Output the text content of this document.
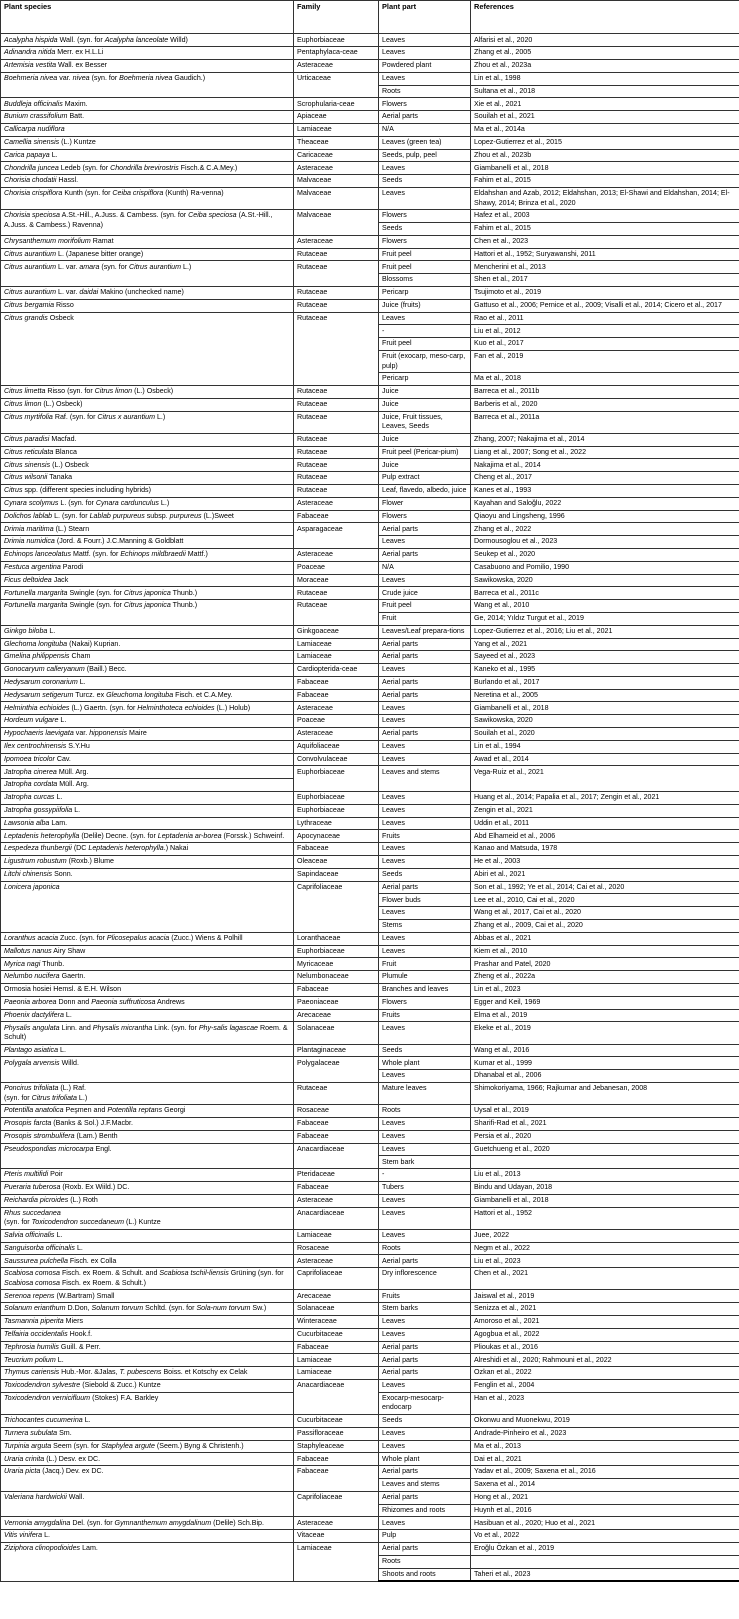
Plant species	Family	Plant part	References
Acalypha hispida Wall. (syn. for Acalypha lanceolate Willd)	Euphorbiaceae	Leaves	Alfarisi et al., 2020
Adinandra nitida Merr. ex H.L.Li	Pentaphylaca-ceae	Leaves	Zhang et al., 2005
Artemisia vestita Wall. ex Besser	Asteraceae	Powdered plant	Zhou et al., 2023a
Boehmeria nivea var. nivea (syn. for Boehmeria nivea Gaudich.)	Urticaceae	Leaves	Lin et al., 1998
		Roots	Sultana et al., 2018
Buddleja officinalis Maxim.	Scrophularia-ceae	Flowers	Xie et al., 2021
Bunium crassifolium Batt.	Apiaceae	Aerial parts	Souilah et al., 2021
Callicarpa nudiflora	Lamiaceae	N/A	Ma et al., 2014a
Camellia sinensis (L.) Kuntze	Theaceae	Leaves (green tea)	Lopez-Gutierrez et al., 2015
Carica papaya L.	Caricaceae	Seeds, pulp, peel	Zhou et al., 2023b
Chondrilla juncea Ledeb (syn. for Chondrilla brevirostris Fisch.& C.A.Mey.)	Asteraceae	Leaves	Giambanelli et al., 2018
Chorisia chodatii Hassl.	Malvaceae	Seeds	Fahim et al., 2015
Chorisia crispiflora Kunth (syn. for Ceiba crispiflora (Kunth) Ra-venna)	Malvaceae	Leaves	Eldahshan and Azab, 2012; Eldahshan, 2013; El-Shawi and Eldahshan, 2014; El-Shawy, 2014; Brinza et al., 2020
Chorisia speciosa A.St.-Hill., A.Juss. & Cambess. (syn. for Ceiba speciosa (A.St.-Hill., A.Juss. & Cambess.) Ravenna)	Malvaceae	Flowers	Hafez et al., 2003
		Seeds	Fahim et al., 2015
Chrysanthemum morifolium Ramat	Asteraceae	Flowers	Chen et al., 2023
Citrus aurantium L. (Japanese bitter orange)	Rutaceae	Fruit peel	Hattori et al., 1952; Suryawanshi, 2011
Citrus aurantium L. var. amara (syn. for Citrus aurantium L.)	Rutaceae	Fruit peel	Mencherini et al., 2013
		Blossoms	Shen et al., 2017
Citrus aurantium L. var. daidai Makino (unchecked name)	Rutaceae	Pericarp	Tsujimoto et al., 2019
Citrus bergamia Risso	Rutaceae	Juice (fruits)	Gattuso et al., 2006; Pernice et al., 2009; Visalli et al., 2014; Cicero et al., 2017
Citrus grandis Osbeck	Rutaceae	Leaves	Rao et al., 2011
		-	Liu et al., 2012
		Fruit peel	Kuo et al., 2017
		Fruit (exocarp, meso-carp, pulp)	Fan et al., 2019
		Pericarp	Ma et al., 2018
Citrus limetta Risso (syn. for Citrus limon (L.) Osbeck)	Rutaceae	Juice	Barreca et al., 2011b
Citrus limon (L.) Osbeck)	Rutaceae	Juice	Barberis et al., 2020
Citrus myrtifolia Raf. (syn. for Citrus x aurantium L.)	Rutaceae	Juice, Fruit tissues, Leaves, Seeds	Barreca et al., 2011a
Citrus paradisi Macfad.	Rutaceae	Juice	Zhang, 2007; Nakajima et al., 2014
Citrus reticulata Blanca	Rutaceae	Fruit peel (Pericar-pium)	Liang et al., 2007; Song et al., 2022
Citrus sinensis (L.) Osbeck	Rutaceae	Juice	Nakajima et al., 2014
Citrus wilsonii Tanaka	Rutaceae	Pulp extract	Cheng et al., 2017
Citrus spp. (different species including hybrids)	Rutaceae	Leaf, flavedo, albedo, juice	Kanes et al., 1993
Cynara scolymus L. (syn. for Cynara cardunculus L.)	Asteraceae	Flower	Kayahan and Saloğlu, 2022
Dolichos lablab L. (syn. for Lablab purpureus subsp. purpureus (L.)Sweet	Fabaceae	Flowers	Qiaoyu and Lingsheng, 1996
Drimia maritima (L.) Stearn	Asparagaceae	Aerial parts	Zhang et al., 2022
Drimia numidica (Jord. & Fourr.) J.C.Manning & Goldblatt		Leaves	Dormousoglou et al., 2023
Echinops lanceolatus Mattf. (syn. for Echinops mildbraedii Mattf.)	Asteraceae	Aerial parts	Seukep et al., 2020
Festuca argentina Parodi	Poaceae	N/A	Casabuono and Pomilio, 1990
Ficus deltoidea Jack	Moraceae	Leaves	Sawikowska, 2020
Fortunella margarita Swingle (syn. for Citrus japonica Thunb.)	Rutaceae	Crude juice	Barreca et al., 2011c
Fortunella margarita Swingle (syn. for Citrus japonica Thunb.)	Rutaceae	Fruit peel	Wang et al., 2010
		Fruit	Ge, 2014; Yıldız Turgut et al., 2019
Ginkgo biloba L.	Ginkgoaceae	Leaves/Leaf prepara-tions	Lopez-Gutierrez et al., 2016; Liu et al., 2021
Glechoma longituba (Nakai) Kuprian.	Lamiaceae	Aerial parts	Yang et al., 2021
Gmelina philippensis Cham	Lamiaceae	Aerial parts	Sayeed et al., 2023
Gonocaryum calleryanum (Baill.) Becc.	Cardiopterida-ceae	Leaves	Kaneko et al., 1995
Hedysarum coronarium L.	Fabaceae	Aerial parts	Burlando et al., 2017
Hedysarum setigerum Turcz. ex Gleuchoma longituba Fisch. et C.A.Mey.	Fabaceae	Aerial parts	Neretina et al., 2005
Helminthia echioides (L.) Gaertn. (syn. for Helminthoteca echioides (L.) Holub)	Asteraceae	Leaves	Giambanelli et al., 2018
Hordeum vulgare L.	Poaceae	Leaves	Sawikowska, 2020
Hypochaeris laevigata var. hipponensis Maire	Asteraceae	Aerial parts	Souilah et al., 2020
Ilex centrochinensis S.Y.Hu	Aquifoliaceae	Leaves	Lin et al., 1994
Ipomoea tricolor Cav.	Convolvulaceae	Leaves	Awad et al., 2014
Jatropha cinerea Müll. Arg.	Euphorbiaceae	Leaves and stems	Vega-Ruiz et al., 2021
Jatropha cordata Müll. Arg.			
Jatropha curcas L.	Euphorbiaceae	Leaves	Huang et al., 2014; Papalia et al., 2017; Zengin et al., 2021
Jatropha gossypiifolia L.	Euphorbiaceae	Leaves	Zengin et al., 2021
Lawsonia alba Lam.	Lythraceae	Leaves	Uddin et al., 2011
Leptadenis heterophylla (Delile) Decne. (syn. for Leptadenia ar-borea (Forssk.) Schweinf.	Apocynaceae	Fruits	Abd Elhameid et al., 2006
Lespedeza thunbergii (DC Leptadenis heterophylla.) Nakai	Fabaceae	Leaves	Kanao and Matsuda, 1978
Ligustrum robustum (Roxb.) Blume	Oleaceae	Leaves	He et al., 2003
Litchi chinensis Sonn.	Sapindaceae	Seeds	Abiri et al., 2021
Lonicera japonica	Caprifoliaceae	Aerial parts	Son et al., 1992; Ye et al., 2014; Cai et al., 2020
		Flower buds	Lee et al., 2010, Cai et al., 2020
		Leaves	Wang et al., 2017, Cai et al., 2020
		Stems	Zhang et al., 2009, Cai et al., 2020
Loranthus acacia Zucc. (syn. for Plicosepalus acacia (Zucc.) Wiens & Polhill	Loranthaceae	Leaves	Abbas et al., 2021
Mallotus nanus Airy Shaw	Euphorbiaceae	Leaves	Kiem et al., 2010
Myrica nagi Thunb.	Myricaceae	Fruit	Prashar and Patel, 2020
Nelumbo nucifera Gaertn.	Nelumbonaceae	Plumule	Zheng et al., 2022a
Ormosia hosiei Hemsl. & E.H. Wilson	Fabaceae	Branches and leaves	Lin et al., 2023
Paeonia arborea Donn and Paeonia suffruticosa Andrews	Paeoniaceae	Flowers	Egger and Keil, 1969
Phoenix dactylifera L.	Arecaceae	Fruits	Elma et al., 2019
Physalis angulata Linn. and Physalis micrantha Link. (syn. for Phy-salis lagascae Roem. & Schult)	Solanaceae	Leaves	Ekeke et al., 2019
Plantago asiatica L.	Plantaginaceae	Seeds	Wang et al., 2016
Polygala arvensis Willd.	Polygalaceae	Whole plant	Kumar et al., 1999
		Leaves	Dhanabal et al., 2006
Poncirus trifoliata (L.) Raf.
(syn. for Citrus trifoliata L.)	Rutaceae	Mature leaves	Shimokoriyama, 1966; Rajkumar and Jebanesan, 2008
Potentilla anatolica Peşmen and Potentilla reptans Georgi	Rosaceae	Roots	Uysal et al., 2019
Prosopis farcta (Banks & Sol.) J.F.Macbr.	Fabaceae	Leaves	Sharifi-Rad et al., 2021
Prosopis strombulifera (Lam.) Benth	Fabaceae	Leaves	Persia et al., 2020
Pseudospondias microcarpa Engl.	Anacardiaceae	Leaves	Guetchueng et al., 2020
		Stem bark	
Pteris multifidi Poir	Pteridaceae	-	Liu et al., 2013
Pueraria tuberosa (Roxb. Ex Wiild.) DC.	Fabaceae	Tubers	Bindu and Udayan, 2018
Reichardia picroides (L.) Roth	Asteraceae	Leaves	Giambanelli et al., 2018
Rhus succedanea
(syn. for Toxicodendron succedaneum (L.) Kuntze	Anacardiaceae	Leaves	Hattori et al., 1952
Salvia officinalis L.	Lamiaceae	Leaves	Juee, 2022
Sanguisorba officinalis L.	Rosaceae	Roots	Negm et al., 2022
Saussurea pulchella Fisch. ex Colla	Asteraceae	Aerial parts	Liu et al., 2023
Scabiosa comosa Fisch. ex Roem. & Schult. and Scabiosa tschil-liensis Grüning (syn. for Scabiosa comosa Fisch. ex Roem. & Schult.)	Caprifoliaceae	Dry inflorescence	Chen et al., 2021
Serenoa repens (W.Bartram) Small	Arecaceae	Fruits	Jaiswal et al., 2019
Solanum erianthum D.Don, Solanum torvum Schltd. (syn. for Sola-num torvum Sw.)	Solanaceae	Stem barks	Senizza et al., 2021
Tasmannia piperita Miers	Winteraceae	Leaves	Amoroso et al., 2021
Telfairia occidentalis Hook.f.	Cucurbitaceae	Leaves	Agogbua et al., 2022
Tephrosia humilis Guill. & Perr.	Fabaceae	Aerial parts	Plioukas et al., 2016
Teucrium polium L.	Lamiaceae	Aerial parts	Alreshidi et al., 2020; Rahmouni et al., 2022
Thymus cariensis Hub.-Mor. &Jalas, T. pubescens Boiss. et Kotschy ex Celak	Lamiaceae	Aerial parts	Ozkan et al., 2022
Toxicodendron sylvestre (Siebold & Zucc.) Kuntze	Anacardiaceae	Leaves	Fenglin et al., 2004
Toxicodendron vernicifluum (Stokes) F.A. Barkley		Exocarp-mesocarp-endocarp	Han et al., 2023
Trichocantes cucumerina L.	Cucurbitaceae	Seeds	Okonwu and Muonekwu, 2019
Turnera subulata Sm.	Passifloraceae	Leaves	Andrade-Pinheiro et al., 2023
Turpinia arguta Seem (syn. for Staphylea argute (Seem.) Byng & Christenh.)	Staphyleaceae	Leaves	Ma et al., 2013
Uraria crinita (L.) Desv. ex DC.	Fabaceae	Whole plant	Dai et al., 2021
Uraria picta (Jacq.) Dev. ex DC.	Fabaceae	Aerial parts	Yadav et al., 2009; Saxena et al., 2016
		Leaves and stems	Saxena et al., 2014
Valeriana hardwickii Wall.	Caprifoliaceae	Aerial parts	Hong et al., 2021
		Rhizomes and roots	Huynh et al., 2016
Vernonia amygdalina Del. (syn. for Gymnanthemum amygdalinum (Delile) Sch.Bip.	Asteraceae	Leaves	Hasibuan et al., 2020; Huo et al., 2021
Vitis vinifera L.	Vitaceae	Pulp	Vo et al., 2022
Ziziphora clinopodioides Lam.	Lamiaceae	Aerial parts	Eroğlu Özkan et al., 2019
		Roots	
		Shoots and roots	Taheri et al., 2023
